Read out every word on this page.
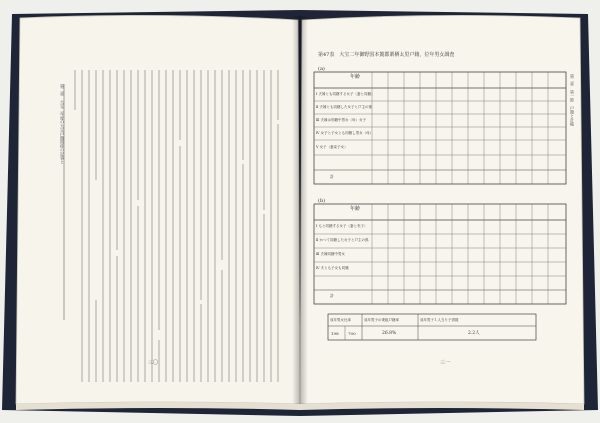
第47表　大宝二年御野国本簀郡栗栖太里戸籍，位年男女調査
(a)
(b)
年齢
年齢
Ⅰ 夫婦とも同籍する女子（妻と同籍）
Ⅱ 夫婦とも同籍した女子と戸主の孫
Ⅲ 夫婦は別籍中男女（母）女子
Ⅳ 女子と子女とも同籍し男女（母）
Ⅴ 女子（妻妾子女）
計
Ⅰ もと同籍する女子（妻と実子）
Ⅱ かつて同籍した女子と戸主の孫
Ⅲ 夫婦同籍中男女
Ⅳ 夫とも子女も同籍
計
成年男女比率	成年男子の乗組戸籍率	成年男子１人当り子供数
198 700	26.8%	2.2人
第二章　大宝二年度の大宝戸籍関係の記事と	第二章　第一節　戸籍と計帳
三〇	三一
